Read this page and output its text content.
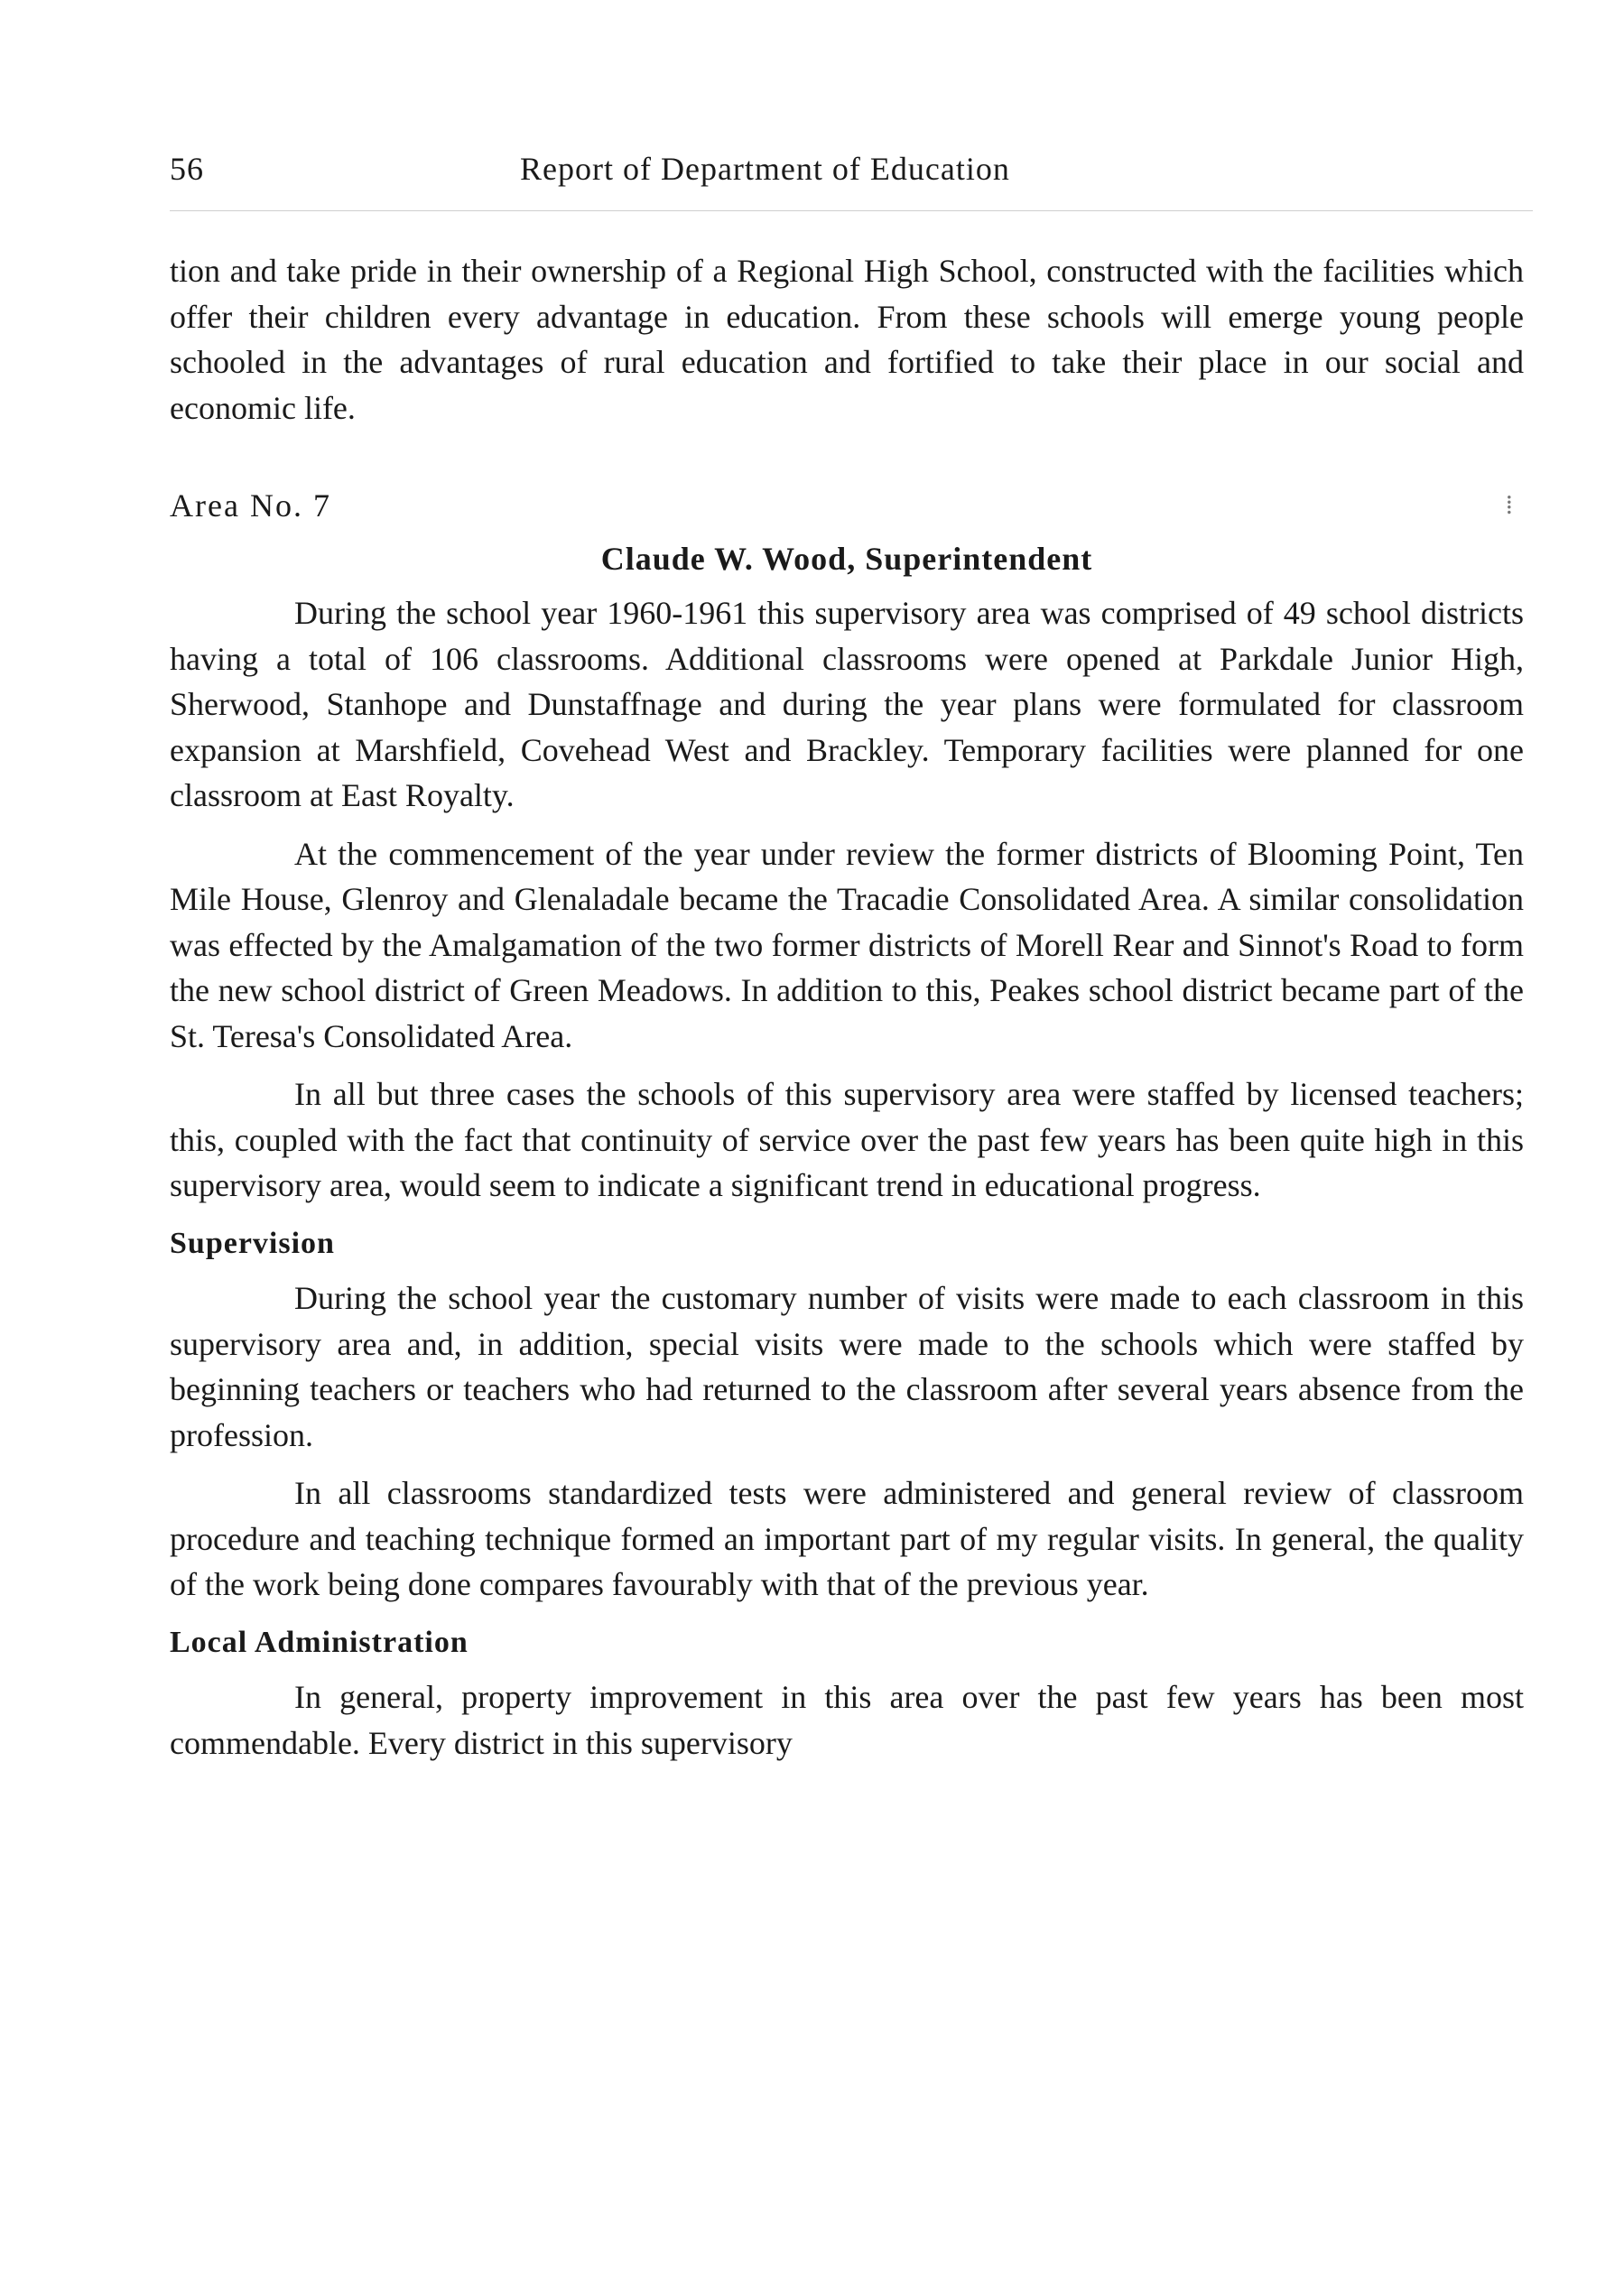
56	Report of Department of Education

tion and take pride in their ownership of a Regional High School, constructed with the facilities which offer their children every advantage in education. From these schools will emerge young people schooled in the advantages of rural education and fortified to take their place in our social and economic life.

Area No. 7	⁞
Claude W. Wood, Superintendent

During the school year 1960-1961 this supervisory area was comprised of 49 school districts having a total of 106 classrooms. Additional classrooms were opened at Parkdale Junior High, Sherwood, Stanhope and Dunstaffnage and during the year plans were formulated for classroom expansion at Marshfield, Covehead West and Brackley. Temporary facilities were planned for one classroom at East Royalty.

At the commencement of the year under review the former districts of Blooming Point, Ten Mile House, Glenroy and Glenaladale became the Tracadie Consolidated Area. A similar consolidation was effected by the Amalgamation of the two former districts of Morell Rear and Sinnot's Road to form the new school district of Green Meadows. In addition to this, Peakes school district became part of the St. Teresa's Consolidated Area.

In all but three cases the schools of this supervisory area were staffed by licensed teachers; this, coupled with the fact that continuity of service over the past few years has been quite high in this supervisory area, would seem to indicate a significant trend in educational progress.

Supervision

During the school year the customary number of visits were made to each classroom in this supervisory area and, in addition, special visits were made to the schools which were staffed by beginning teachers or teachers who had returned to the classroom after several years absence from the profession.

In all classrooms standardized tests were administered and general review of classroom procedure and teaching technique formed an important part of my regular visits. In general, the quality of the work being done compares favourably with that of the previous year.

Local Administration

In general, property improvement in this area over the past few years has been most commendable. Every district in this supervisory
